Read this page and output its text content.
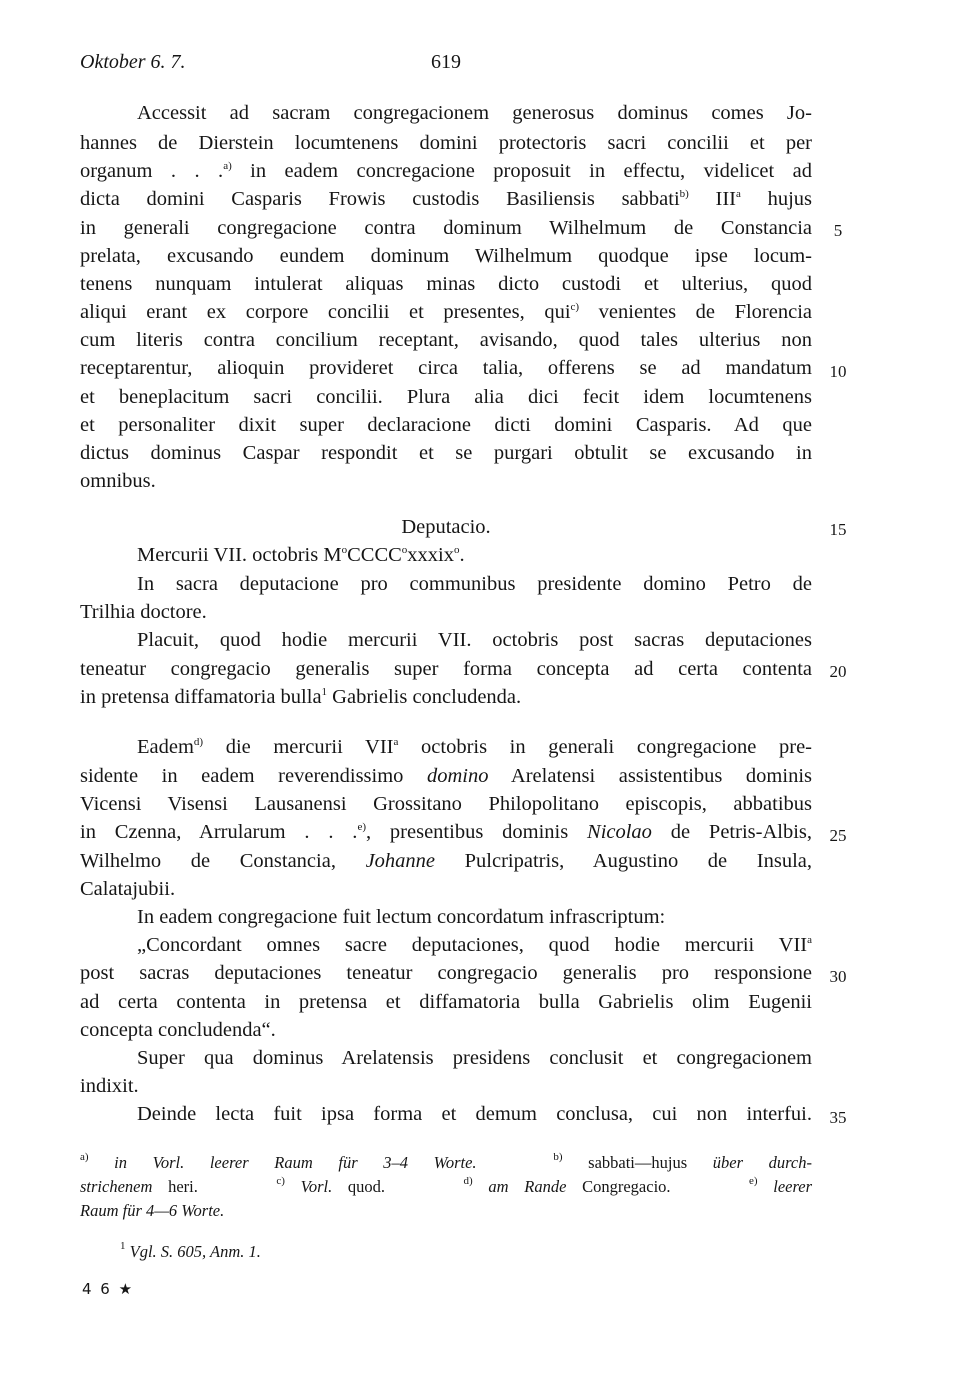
Oktober 6. 7.	619
Accessit ad sacram congregacionem generosus dominus comes Jo-
hannes de Dierstein locumtenens domini protectoris sacri concilii et per
organum . . .$^{a)}$ in eadem concregacione proposuit in effectu, videlicet ad
dicta domini Casparis Frowis custodis Basiliensis sabbati$^{b)}$ III$^a$ hujus
in generali congregacione contra dominum Wilhelmum de Constancia
prelata, excusando eundem dominum Wilhelmum quodque ipse locum-
tenens nunquam intulerat aliquas minas dicto custodi et ulterius, quod
aliqui erant ex corpore concilii et presentes, qui$^{c)}$ venientes de Florencia
cum literis contra concilium receptant, avisando, quod tales ulterius non
receptarentur, alioquin provideret circa talia, offerens se ad mandatum
et beneplacitum sacri concilii. Plura alia dici fecit idem locumtenens
et personaliter dixit super declaracione dicti domini Casparis. Ad que
dictus dominus Caspar respondit et se purgari obtulit se excusando in
omnibus.
Deputacio.
Mercurii VII. octobris $M^oCCCC^oxxxix^o$.
In sacra deputacione pro communibus presidente domino Petro de
Trilhia doctore.
Placuit, quod hodie mercurii VII. octobris post sacras deputaciones
teneatur congregacio generalis super forma concepta ad certa contenta
in pretensa diffamatoria bulla$^1$ Gabrielis concludenda.
Eadem$^{d)}$ die mercurii VII$^a$ octobris in generali congregacione pre-
sidente in eadem reverendissimo domino Arelatensi assistentibus dominis
Vicensi Visensi Lausanensi Grossitano Philopolitano episcopis, abbatibus
in Czenna, Arrularum . . .$^{e)}$, presentibus dominis Nicolao de Petris-Albis,
Wilhelmo de Constancia, Johanne Pulcripatris, Augustino de Insula,
Calatajubii.
In eadem congregacione fuit lectum concordatum infrascriptum:
„Concordant omnes sacre deputaciones, quod hodie mercurii VII$^a$
post sacras deputaciones teneatur congregacio generalis pro responsione
ad certa contenta in pretensa et diffamatoria bulla Gabrielis olim Eugenii
concepta concludenda“.
Super qua dominus Arelatensis presidens conclusit et congregacionem
indixit.
Deinde lecta fuit ipsa forma et demum conclusa, cui non interfui.
5
10
15
20
25
30
35
$^{a)}$ in Vorl. leerer Raum für 3–4 Worte.	$^{b)}$ sabbati—hujus über durch-
strichenem heri.	$^{c)}$ Vorl. quod.	$^{d)}$ am Rande Congregacio.	$^{e)}$ leerer
Raum für 4—6 Worte.
$^1$ Vgl. S. 605, Anm. 1.
4 6 ★
